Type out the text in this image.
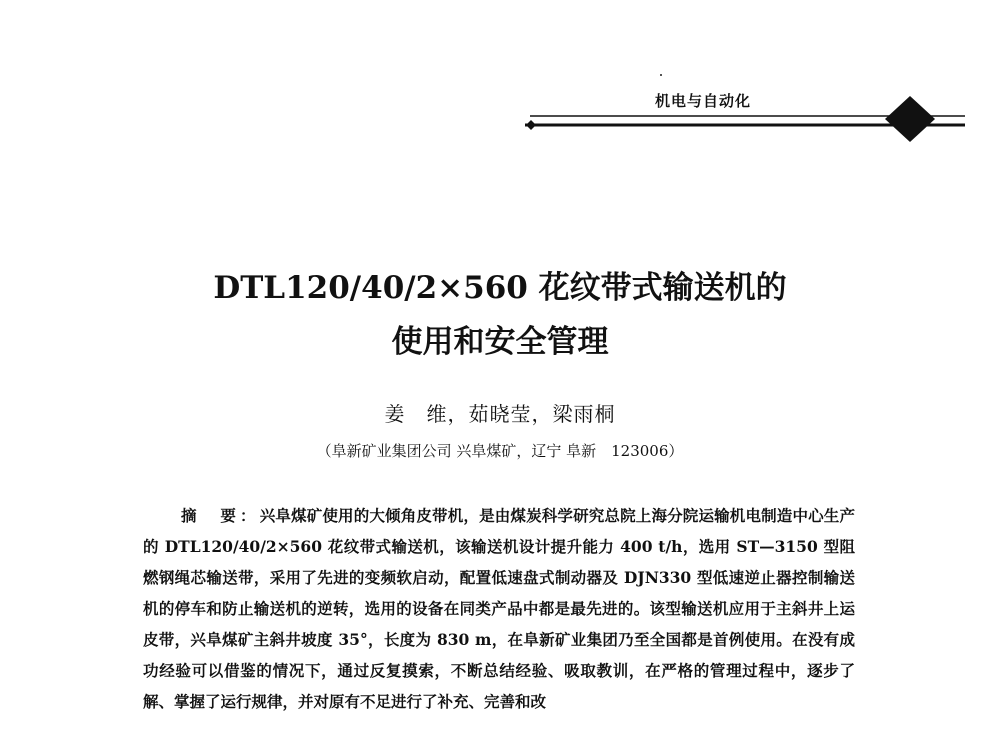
机电与自动化
DTL120/40/2×560 花纹带式输送机的
使用和安全管理
姜　维，茹晓莹，梁雨桐
（阜新矿业集团公司 兴阜煤矿，辽宁 阜新　123006）
摘　要：兴阜煤矿使用的大倾角皮带机，是由煤炭科学研究总院上海分院运输机电制造中心生产的 DTL120/40/2×560 花纹带式输送机，该输送机设计提升能力 400 t/h，选用 ST—3150 型阻燃钢绳芯输送带，采用了先进的变频软启动，配置低速盘式制动器及 DJN330 型低速逆止器控制输送机的停车和防止输送机的逆转，选用的设备在同类产品中都是最先进的。该型输送机应用于主斜井上运皮带，兴阜煤矿主斜井坡度 35°，长度为 830 m，在阜新矿业集团乃至全国都是首例使用。在没有成功经验可以借鉴的情况下，通过反复摸索，不断总结经验、吸取教训，在严格的管理过程中，逐步了解、掌握了运行规律，并对原有不足进行了补充、完善和改
